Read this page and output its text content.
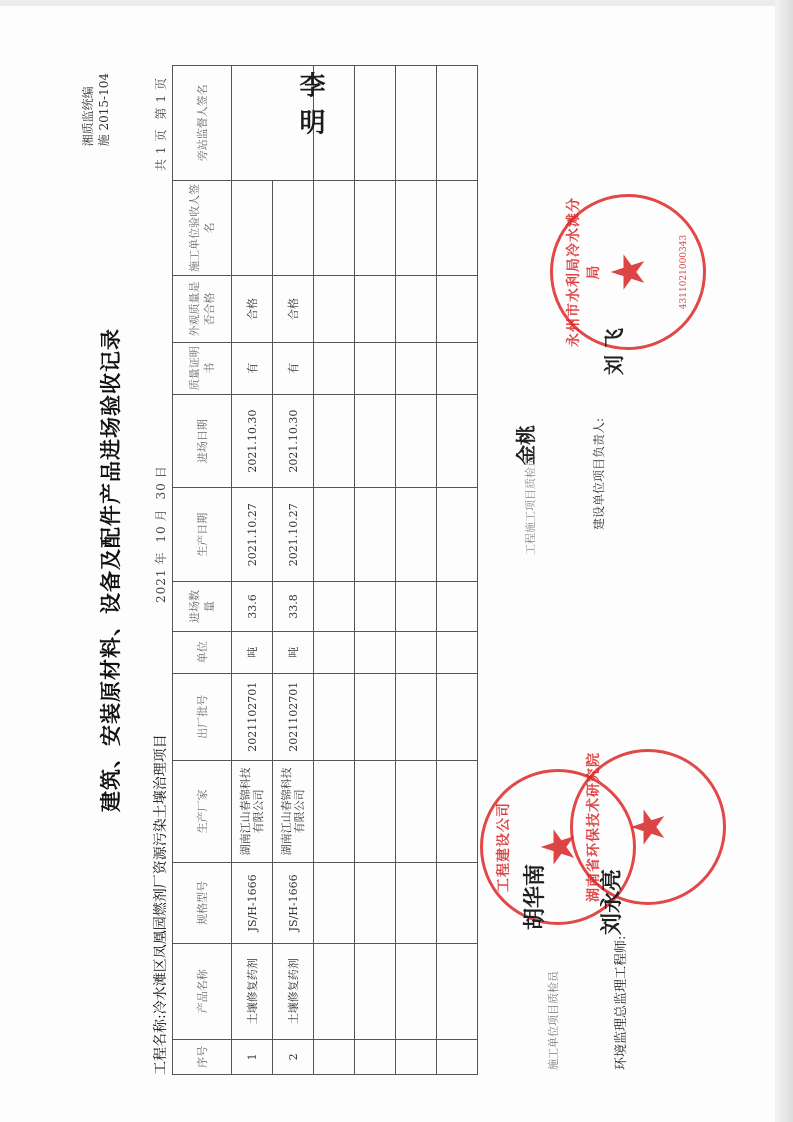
湘质监统编 施 2015-104
建筑、安装原材料、设备及配件产品进场验收记录
工程名称:冷水滩区凤凰园燃剂厂资源污染土壤治理项目
2021年 10月 30日
共1页 第1页
序号	产品名称	规格型号	生产厂家	出厂批号	单位	进场数量	生产日期	进场日期	质量证明书	外观质量是否合格	施工单位验收人签名	旁站监督人签名
1	土壤修复药剂	JS/H-1666	湖南江山春锦科技有限公司	2021102701	吨	33.6	2021.10.27	2021.10.30	有	合格		
2	土壤修复药剂	JS/H-1666	湖南江山春锦科技有限公司	2021102701	吨	33.8	2021.10.27	2021.10.30	有	合格		

李 明
施工单位项目质检员
工程施工项目质检员
环境监理总监理工程师:
建设单位项目负责人:
工程建设公司 ★ 湖南省环保技术研究院 ★
永州市水利局冷水滩分局 ★	4311021000343
胡华南 刘永亮
金桃
刘 飞
